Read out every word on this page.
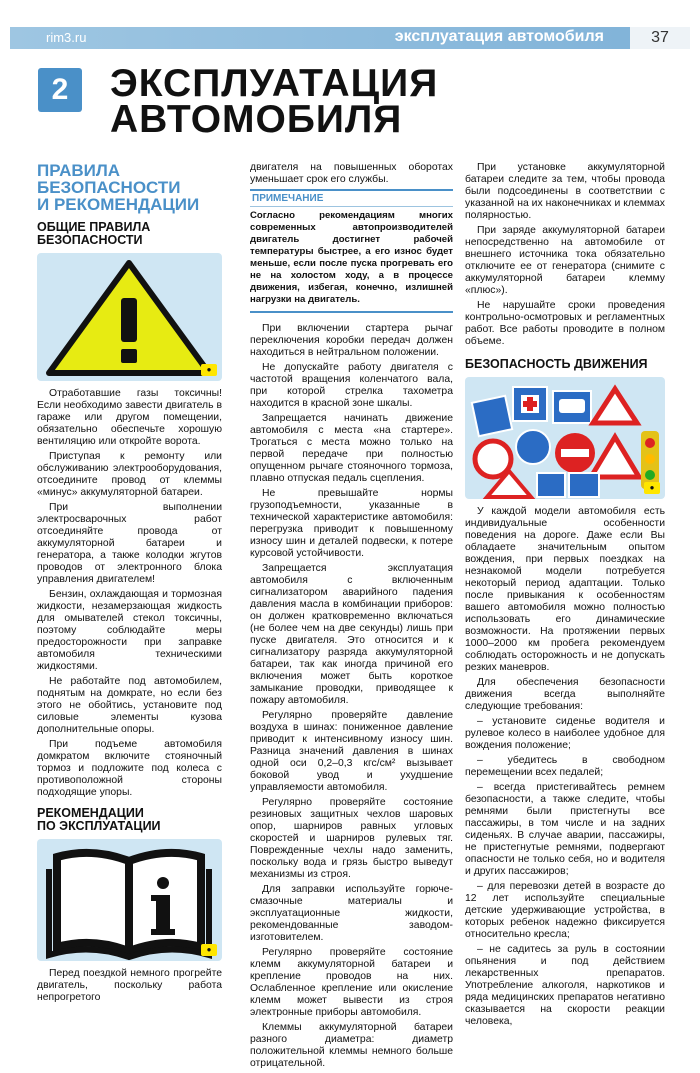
rim3.ru	эксплуатация автомобиля	37
2	ЭКСПЛУАТАЦИЯ
АВТОМОБИЛЯ
ПРАВИЛА
БЕЗОПАСНОСТИ
И РЕКОМЕНДАЦИИ
ОБЩИЕ ПРАВИЛА
БЕЗОПАСНОСТИ
●

Отработавшие газы токсичны! Если необходимо завести двигатель в гараже или другом помещении, обязательно обеспечьте хорошую вентиляцию или откройте ворота.

Приступая к ремонту или обслуживанию электрооборудования, отсоедините провод от клеммы «минус» аккумуляторной батареи.

При выполнении электросварочных работ отсоединяйте провода от аккумуляторной батареи и генератора, а также колодки жгутов проводов от электронного блока управления двигателем!

Бензин, охлаждающая и тормозная жидкости, незамерзающая жидкость для омывателей стекол токсичны, поэтому соблюдайте меры предосторожности при заправке автомобиля техническими жидкостями.

Не работайте под автомобилем, поднятым на домкрате, но если без этого не обойтись, установите под силовые элементы кузова дополнительные опоры.

При подъеме автомобиля домкратом включите стояночный тормоз и подложите под колеса с противоположной стороны подходящие упоры.

РЕКОМЕНДАЦИИ
ПО ЭКСПЛУАТАЦИИ
●

Перед поездкой немного прогрейте двигатель, поскольку работа непрогретого

двигателя на повышенных оборотах уменьшает срок его службы.

ПРИМЕЧАНИЕ
Согласно рекомендациям многих современных автопроизводителей двигатель достигнет рабочей температуры быстрее, а его износ будет меньше, если после пуска прогревать его не на холостом ходу, а в процессе движения, избегая, конечно, излишней нагрузки на двигатель.

При включении стартера рычаг переключения коробки передач должен находиться в нейтральном положении.

Не допускайте работу двигателя с частотой вращения коленчатого вала, при которой стрелка тахометра находится в красной зоне шкалы.

Запрещается начинать движение автомобиля с места «на стартере». Трогаться с места можно только на первой передаче при полностью опущенном рычаге стояночного тормоза, плавно отпуская педаль сцепления.

Не превышайте нормы грузоподъемности, указанные в технической характеристике автомобиля: перегрузка приводит к повышенному износу шин и деталей подвески, к потере курсовой устойчивости.

Запрещается эксплуатация автомобиля с включенным сигнализатором аварийного падения давления масла в комбинации приборов: он должен кратковременно включаться (не более чем на две секунды) лишь при пуске двигателя. Это относится и к сигнализатору разряда аккумуляторной батареи, так как иногда причиной его включения может быть короткое замыкание проводки, приводящее к пожару автомобиля.

Регулярно проверяйте давление воздуха в шинах: пониженное давление приводит к интенсивному износу шин. Разница значений давления в шинах одной оси 0,2–0,3 кгс/см² вызывает боковой увод и ухудшение управляемости автомобиля.

Регулярно проверяйте состояние резиновых защитных чехлов шаровых опор, шарниров равных угловых скоростей и шарниров рулевых тяг. Поврежденные чехлы надо заменить, поскольку вода и грязь быстро выведут механизмы из строя.

Для заправки используйте горюче-смазочные материалы и эксплуатационные жидкости, рекомендованные заводом-изготовителем.

Регулярно проверяйте состояние клемм аккумуляторной батареи и крепление проводов на них. Ослабленное крепление или окисление клемм может вывести из строя электронные приборы автомобиля.

Клеммы аккумуляторной батареи разного диаметра: диаметр положительной клеммы немного больше отрицательной.

При установке аккумуляторной батареи следите за тем, чтобы провода были подсоединены в соответствии с указанной на их наконечниках и клеммах полярностью.

При заряде аккумуляторной батареи непосредственно на автомобиле от внешнего источника тока обязательно отключите ее от генератора (снимите с аккумуляторной батареи клемму «плюс»).

Не нарушайте сроки проведения контрольно-осмотровых и регламентных работ. Все работы проводите в полном объеме.

БЕЗОПАСНОСТЬ ДВИЖЕНИЯ
●

У каждой модели автомобиля есть индивидуальные особенности поведения на дороге. Даже если Вы обладаете значительным опытом вождения, при первых поездках на незнакомой модели потребуется некоторый период адаптации. Только после привыкания к особенностям вашего автомобиля можно полностью использовать его динамические возможности. На протяжении первых 1000–2000 км пробега рекомендуем соблюдать осторожность и не допускать резких маневров.

Для обеспечения безопасности движения всегда выполняйте следующие требования:

– установите сиденье водителя и рулевое колесо в наиболее удобное для вождения положение;

– убедитесь в свободном перемещении всех педалей;

– всегда пристегивайтесь ремнем безопасности, а также следите, чтобы ремнями были пристегнуты все пассажиры, в том числе и на задних сиденьях. В случае аварии, пассажиры, не пристегнутые ремнями, подвергают опасности не только себя, но и водителя и других пассажиров;

– для перевозки детей в возрасте до 12 лет используйте специальные детские удерживающие устройства, в которых ребенок надежно фиксируется относительно кресла;

– не садитесь за руль в состоянии опьянения и под действием лекарственных препаратов. Употребление алкоголя, наркотиков и ряда медицинских препаратов негативно сказывается на скорости реакции человека,
